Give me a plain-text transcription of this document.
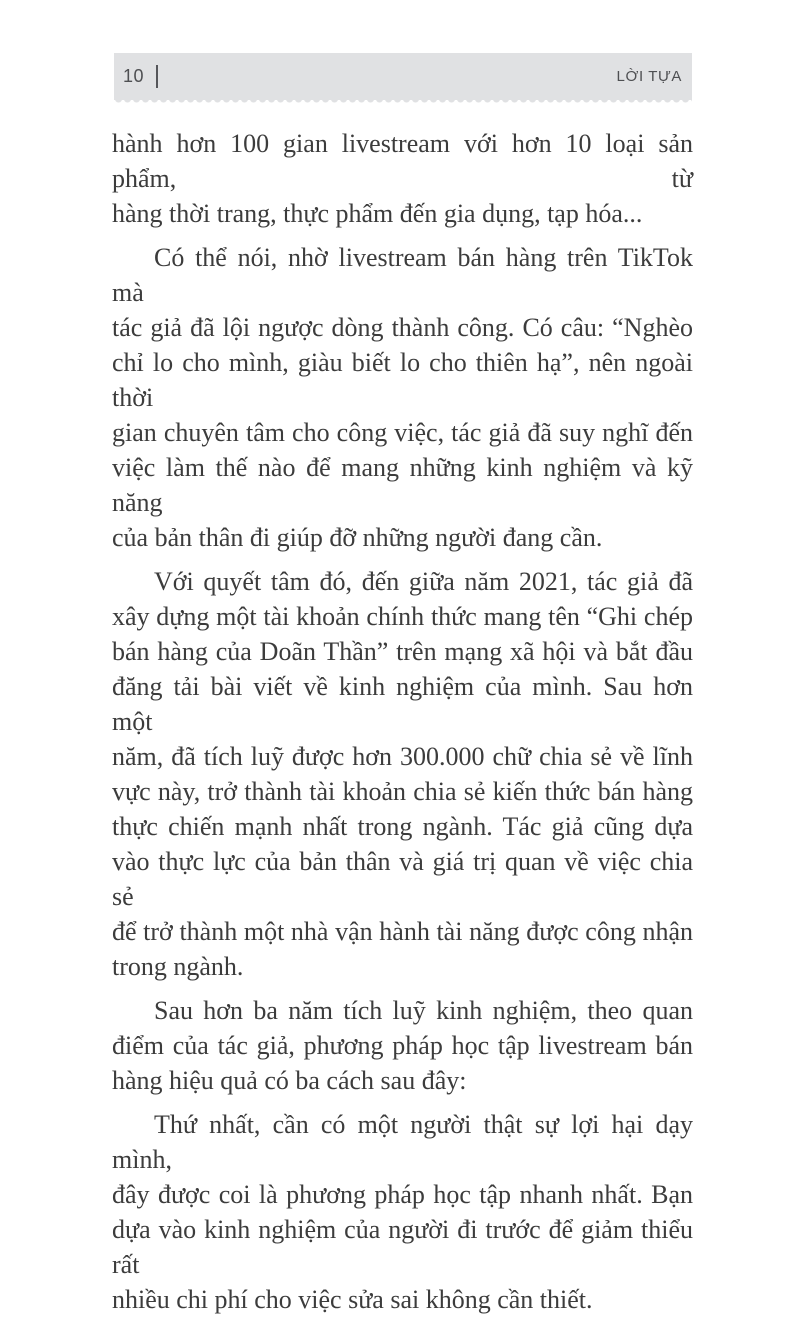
10	LỜI TỰA

hành hơn 100 gian livestream với hơn 10 loại sản phẩm, từ
hàng thời trang, thực phẩm đến gia dụng, tạp hóa...

Có thể nói, nhờ livestream bán hàng trên TikTok mà
tác giả đã lội ngược dòng thành công. Có câu: “Nghèo
chỉ lo cho mình, giàu biết lo cho thiên hạ”, nên ngoài thời
gian chuyên tâm cho công việc, tác giả đã suy nghĩ đến
việc làm thế nào để mang những kinh nghiệm và kỹ năng
của bản thân đi giúp đỡ những người đang cần.

Với quyết tâm đó, đến giữa năm 2021, tác giả đã
xây dựng một tài khoản chính thức mang tên “Ghi chép
bán hàng của Doãn Thần” trên mạng xã hội và bắt đầu
đăng tải bài viết về kinh nghiệm của mình. Sau hơn một
năm, đã tích luỹ được hơn 300.000 chữ chia sẻ về lĩnh
vực này, trở thành tài khoản chia sẻ kiến thức bán hàng
thực chiến mạnh nhất trong ngành. Tác giả cũng dựa
vào thực lực của bản thân và giá trị quan về việc chia sẻ
để trở thành một nhà vận hành tài năng được công nhận
trong ngành.

Sau hơn ba năm tích luỹ kinh nghiệm, theo quan
điểm của tác giả, phương pháp học tập livestream bán
hàng hiệu quả có ba cách sau đây:

Thứ nhất, cần có một người thật sự lợi hại dạy mình,
đây được coi là phương pháp học tập nhanh nhất. Bạn
dựa vào kinh nghiệm của người đi trước để giảm thiểu rất
nhiều chi phí cho việc sửa sai không cần thiết.
